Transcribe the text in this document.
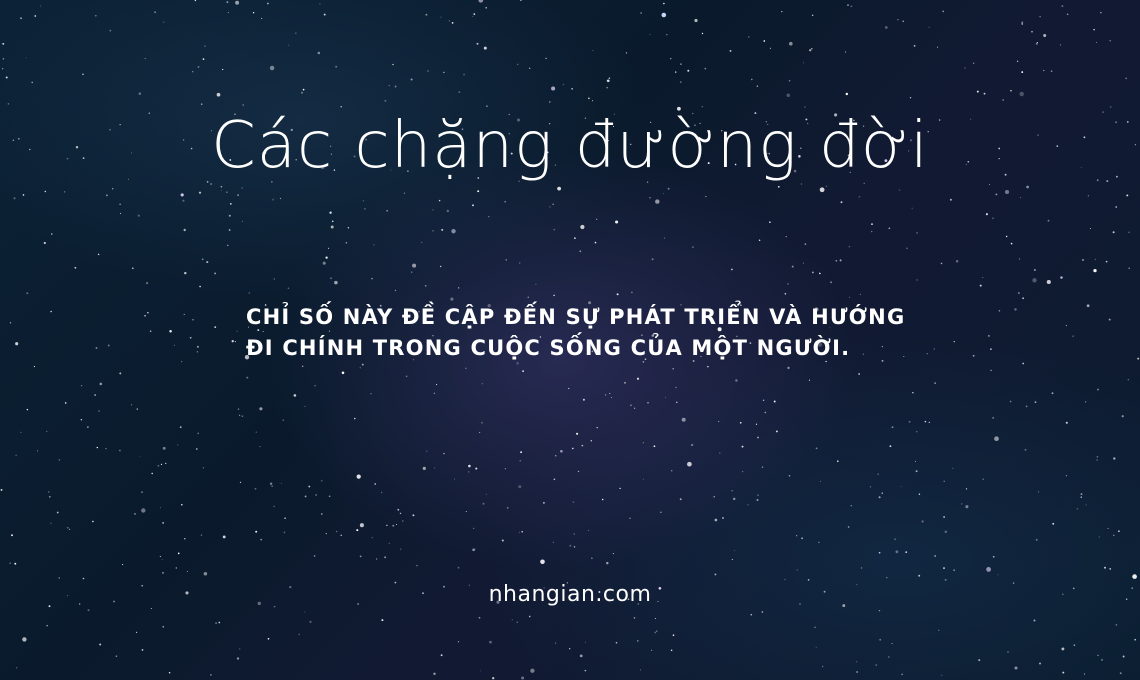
Các chặng đường đời
CHỈ SỐ NÀY ĐỀ CẬP ĐẾN SỰ PHÁT TRIỂN VÀ HƯỚNG ĐI CHÍNH TRONG CUỘC SỐNG CỦA MỘT NGƯỜI.
nhangian.com
